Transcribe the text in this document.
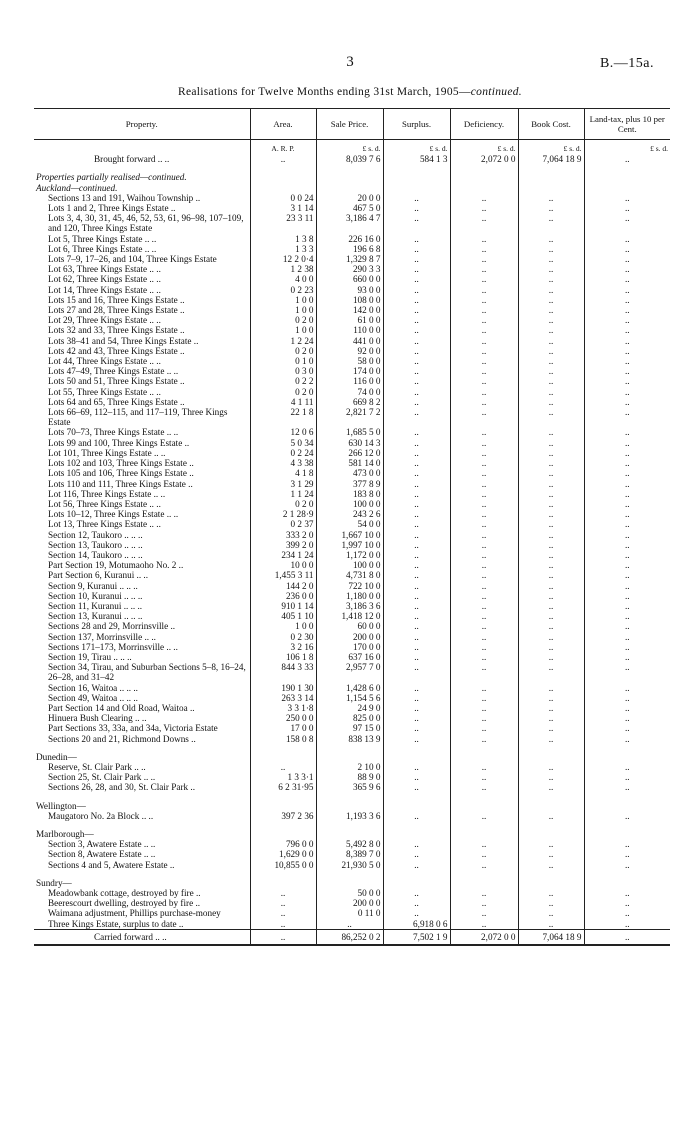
3	B.—15a.
Realisations for Twelve Months ending 31st March, 1905—continued.
Property.	Area.	Sale Price.	Surplus.	Deficiency.	Book Cost.	Land-tax, plus 10 per Cent.
	A. R. P.	£ s. d.	£ s. d.	£ s. d.	£ s. d.	£ s. d.
Brought forward .. ..	..	8,039 7 6	584 1 3	2,072 0 0	7,064 18 9	..

Properties partially realised—continued.						
Auckland—continued.						
Sections 13 and 191, Waihou Township ..	0 0 24	20 0 0	..	..	..	..
Lots 1 and 2, Three Kings Estate ..	3 1 14	467 5 0	..	..	..	..
Lots 3, 4, 30, 31, 45, 46, 52, 53, 61, 96–98, 107–109, and 120, Three Kings Estate	23 3 11	3,186 4 7	..	..	..	..
Lot 5, Three Kings Estate .. ..	1 3 8	226 16 0	..	..	..	..
Lot 6, Three Kings Estate .. ..	1 3 3	196 6 8	..	..	..	..
Lots 7–9, 17–26, and 104, Three Kings Estate	12 2 0·4	1,329 8 7	..	..	..	..
Lot 63, Three Kings Estate .. ..	1 2 38	290 3 3	..	..	..	..
Lot 62, Three Kings Estate .. ..	4 0 0	660 0 0	..	..	..	..
Lot 14, Three Kings Estate .. ..	0 2 23	93 0 0	..	..	..	..
Lots 15 and 16, Three Kings Estate ..	1 0 0	108 0 0	..	..	..	..
Lots 27 and 28, Three Kings Estate ..	1 0 0	142 0 0	..	..	..	..
Lot 29, Three Kings Estate .. ..	0 2 0	61 0 0	..	..	..	..
Lots 32 and 33, Three Kings Estate ..	1 0 0	110 0 0	..	..	..	..
Lots 38–41 and 54, Three Kings Estate ..	1 2 24	441 0 0	..	..	..	..
Lots 42 and 43, Three Kings Estate ..	0 2 0	92 0 0	..	..	..	..
Lot 44, Three Kings Estate .. ..	0 1 0	58 0 0	..	..	..	..
Lots 47–49, Three Kings Estate .. ..	0 3 0	174 0 0	..	..	..	..
Lots 50 and 51, Three Kings Estate ..	0 2 2	116 0 0	..	..	..	..
Lot 55, Three Kings Estate .. ..	0 2 0	74 0 0	..	..	..	..
Lots 64 and 65, Three Kings Estate ..	4 1 11	669 8 2	..	..	..	..
Lots 66–69, 112–115, and 117–119, Three Kings Estate	22 1 8	2,821 7 2	..	..	..	..
Lots 70–73, Three Kings Estate .. ..	12 0 6	1,685 5 0	..	..	..	..
Lots 99 and 100, Three Kings Estate ..	5 0 34	630 14 3	..	..	..	..
Lot 101, Three Kings Estate .. ..	0 2 24	266 12 0	..	..	..	..
Lots 102 and 103, Three Kings Estate ..	4 3 38	581 14 0	..	..	..	..
Lots 105 and 106, Three Kings Estate ..	4 1 8	473 0 0	..	..	..	..
Lots 110 and 111, Three Kings Estate ..	3 1 29	377 8 9	..	..	..	..
Lot 116, Three Kings Estate .. ..	1 1 24	183 8 0	..	..	..	..
Lot 56, Three Kings Estate .. ..	0 2 0	100 0 0	..	..	..	..
Lots 10–12, Three Kings Estate .. ..	2 1 28·9	243 2 6	..	..	..	..
Lot 13, Three Kings Estate .. ..	0 2 37	54 0 0	..	..	..	..
Section 12, Taukoro .. .. ..	333 2 0	1,667 10 0	..	..	..	..
Section 13, Taukoro .. .. ..	399 2 0	1,997 10 0	..	..	..	..
Section 14, Taukoro .. .. ..	234 1 24	1,172 0 0	..	..	..	..
Part Section 19, Motumaoho No. 2 ..	10 0 0	100 0 0	..	..	..	..
Part Section 6, Kuranui .. ..	1,455 3 11	4,731 8 0	..	..	..	..
Section 9, Kuranui .. .. ..	144 2 0	722 10 0	..	..	..	..
Section 10, Kuranui .. .. ..	236 0 0	1,180 0 0	..	..	..	..
Section 11, Kuranui .. .. ..	910 1 14	3,186 3 6	..	..	..	..
Section 13, Kuranui .. .. ..	405 1 10	1,418 12 0	..	..	..	..
Sections 28 and 29, Morrinsville ..	1 0 0	60 0 0	..	..	..	..
Section 137, Morrinsville .. ..	0 2 30	200 0 0	..	..	..	..
Sections 171–173, Morrinsville .. ..	3 2 16	170 0 0	..	..	..	..
Section 19, Tirau .. .. ..	106 1 8	637 16 0	..	..	..	..
Section 34, Tirau, and Suburban Sections 5–8, 16–24, 26–28, and 31–42	844 3 33	2,957 7 0	..	..	..	..
Section 16, Waitoa .. .. ..	190 1 30	1,428 6 0	..	..	..	..
Section 49, Waitoa .. .. ..	263 3 14	1,154 5 6	..	..	..	..
Part Section 14 and Old Road, Waitoa ..	3 3 1·8	24 9 0	..	..	..	..
Hinuera Bush Clearing .. ..	250 0 0	825 0 0	..	..	..	..
Part Sections 33, 33a, and 34a, Victoria Estate	17 0 0	97 15 0	..	..	..	..
Sections 20 and 21, Richmond Downs ..	158 0 8	838 13 9	..	..	..	..

Dunedin—						
Reserve, St. Clair Park .. ..	..	2 10 0	..	..	..	..
Section 25, St. Clair Park .. ..	1 3 3·1	88 9 0	..	..	..	..
Sections 26, 28, and 30, St. Clair Park ..	6 2 31·95	365 9 6	..	..	..	..

Wellington—						
Maugatoro No. 2a Block .. ..	397 2 36	1,193 3 6	..	..	..	..

Marlborough—						
Section 3, Awatere Estate .. ..	796 0 0	5,492 8 0	..	..	..	..
Section 8, Awatere Estate .. ..	1,629 0 0	8,389 7 0	..	..	..	..
Sections 4 and 5, Awatere Estate ..	10,855 0 0	21,930 5 0	..	..	..	..

Sundry—						
Meadowbank cottage, destroyed by fire ..	..	50 0 0	..	..	..	..
Beerescourt dwelling, destroyed by fire ..	..	200 0 0	..	..	..	..
Waimana adjustment, Phillips purchase-money	..	0 11 0	..	..	..	..
Three Kings Estate, surplus to date ..	..	..	6,918 0 6	..	..	..
Carried forward .. ..	..	86,252 0 2	7,502 1 9	2,072 0 0	7,064 18 9	..
